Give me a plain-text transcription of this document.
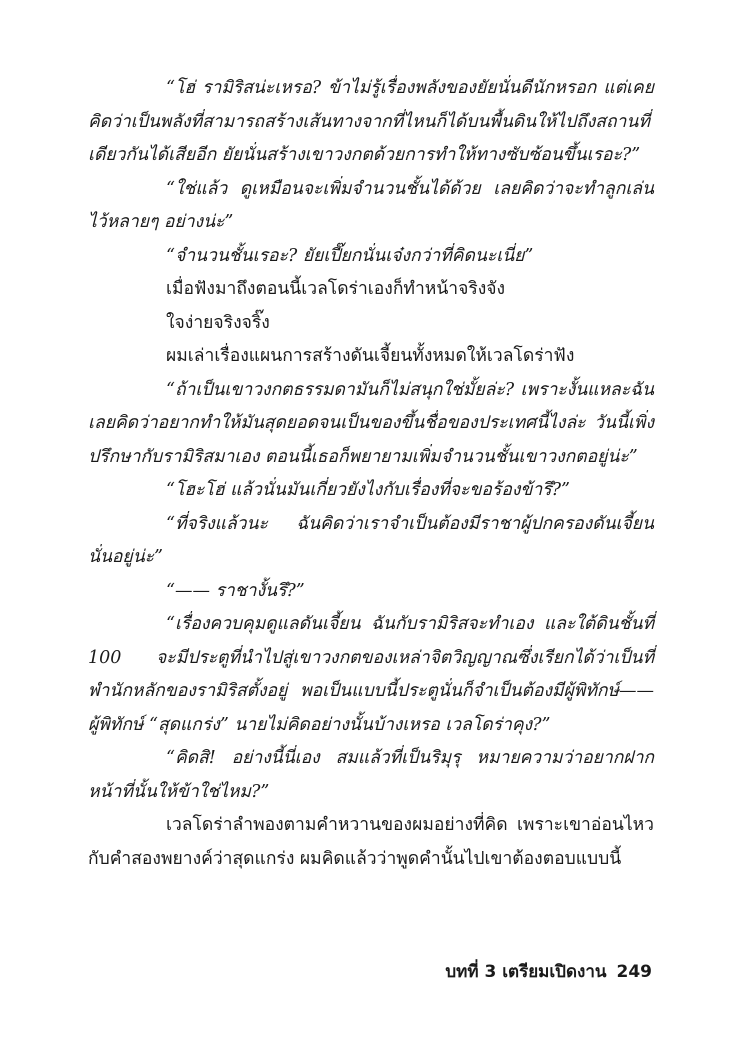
“โฮ่ รามิริสน่ะเหรอ? ข้าไม่รู้เรื่องพลังของยัยนั่นดีนักหรอก แต่เคยคิดว่าเป็นพลังที่สามารถสร้างเส้นทางจากที่ไหนก็ได้บนพื้นดินให้ไปถึงสถานที่เดียวกันได้เสียอีก ยัยนั่นสร้างเขาวงกตด้วยการทำให้ทางซับซ้อนขึ้นเรอะ?”

“ใช่แล้ว ดูเหมือนจะเพิ่มจำนวนชั้นได้ด้วย เลยคิดว่าจะทำลูกเล่นไว้หลายๆ อย่างน่ะ”

“จำนวนชั้นเรอะ? ยัยเปี๊ยกนั่นเจ๋งกว่าที่คิดนะเนี่ย”

เมื่อฟังมาถึงตอนนี้เวลโดร่าเองก็ทำหน้าจริงจัง

ใจง่ายจริงจริ๊ง

ผมเล่าเรื่องแผนการสร้างดันเจี้ยนทั้งหมดให้เวลโดร่าฟัง

“ถ้าเป็นเขาวงกตธรรมดามันก็ไม่สนุกใช่มั้ยล่ะ? เพราะงั้นแหละฉันเลยคิดว่าอยากทำให้มันสุดยอดจนเป็นของขึ้นชื่อของประเทศนี้ไงล่ะ วันนี้เพิ่งปรึกษากับรามิริสมาเอง ตอนนี้เธอก็พยายามเพิ่มจำนวนชั้นเขาวงกตอยู่น่ะ”

“โฮะโฮ่ แล้วนั่นมันเกี่ยวยังไงกับเรื่องที่จะขอร้องข้ารึ?”

“ที่จริงแล้วนะ ฉันคิดว่าเราจำเป็นต้องมีราชาผู้ปกครองดันเจี้ยนนั่นอยู่น่ะ”

“—— ราชางั้นรึ?”

“เรื่องควบคุมดูแลดันเจี้ยน ฉันกับรามิริสจะทำเอง และใต้ดินชั้นที่ 100 จะมีประตูที่นำไปสู่เขาวงกตของเหล่าจิตวิญญาณซึ่งเรียกได้ว่าเป็นที่พำนักหลักของรามิริสตั้งอยู่ พอเป็นแบบนี้ประตูนั่นก็จำเป็นต้องมีผู้พิทักษ์——ผู้พิทักษ์ “สุดแกร่ง” นายไม่คิดอย่างนั้นบ้างเหรอ เวลโดร่าคุง?”

“คิดสิ! อย่างนี้นี่เอง สมแล้วที่เป็นริมุรุ หมายความว่าอยากฝากหน้าที่นั้นให้ข้าใช่ไหม?”

เวลโดร่าลำพองตามคำหวานของผมอย่างที่คิด เพราะเขาอ่อนไหวกับคำสองพยางค์ว่าสุดแกร่ง ผมคิดแล้วว่าพูดคำนั้นไปเขาต้องตอบแบบนี้

บทที่ 3 เตรียมเปิดงาน 249
